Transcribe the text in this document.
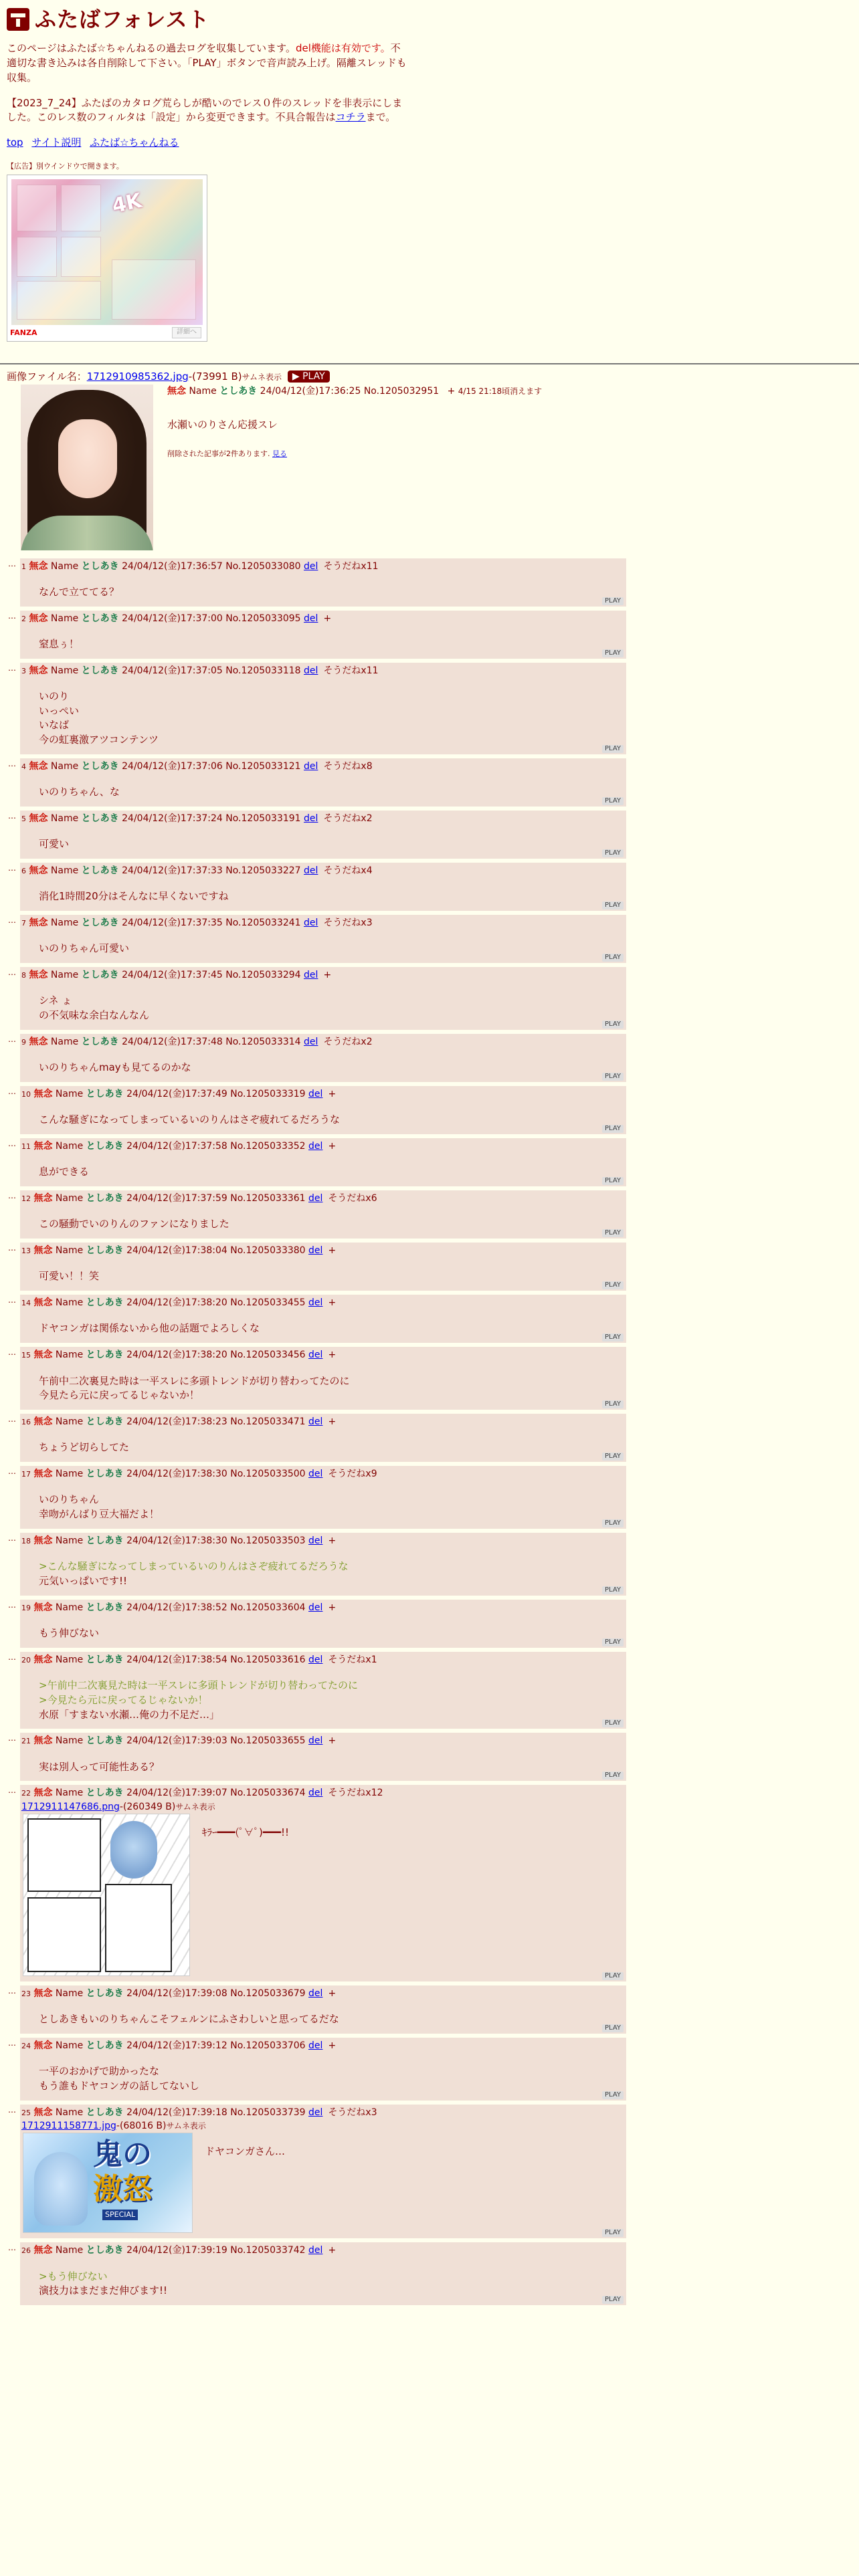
ふたばフォレスト

このページはふたば☆ちゃんねるの過去ログを収集しています。del機能は有効です。不適切な書き込みは各自削除して下さい。「PLAY」ボタンで音声読み上げ。隔離スレッドも収集。

【2023_7_24】ふたばのカタログ荒らしが酷いのでレス０件のスレッドを非表示にしました。このレス数のフィルタは「設定」から変更できます。不具合報告はコチラまで。

top サイト説明 ふたば☆ちゃんねる
【広告】別ウインドウで開きます。
4K
FANZA	詳細へ
画像ファイル名：1712910985362.jpg-(73991 B)サムネ表示 ▶ PLAY
無念 Name としあき 24/04/12(金)17:36:25 No.1205032951 + 4/15 21:18頃消えます
水瀬いのりさん応援スレ
削除された記事が2件あります. 見る
… 1 無念 Name としあき 24/04/12(金)17:36:57 No.1205033080 del そうだねx11
なんで立ててる？
PLAY
… 2 無念 Name としあき 24/04/12(金)17:37:00 No.1205033095 del +
窒息ぅ！
PLAY
… 3 無念 Name としあき 24/04/12(金)17:37:05 No.1205033118 del そうだねx11
いのり
いっぺい
いなば
今の虹裏激アツコンテンツ
PLAY
… 4 無念 Name としあき 24/04/12(金)17:37:06 No.1205033121 del そうだねx8
いのりちゃん、な
PLAY
… 5 無念 Name としあき 24/04/12(金)17:37:24 No.1205033191 del そうだねx2
可愛い
PLAY
… 6 無念 Name としあき 24/04/12(金)17:37:33 No.1205033227 del そうだねx4
消化1時間20分はそんなに早くないですね
PLAY
… 7 無念 Name としあき 24/04/12(金)17:37:35 No.1205033241 del そうだねx3
いのりちゃん可愛い
PLAY
… 8 無念 Name としあき 24/04/12(金)17:37:45 No.1205033294 del +
シネ ょ
の不気味な余白なんなん
PLAY
… 9 無念 Name としあき 24/04/12(金)17:37:48 No.1205033314 del そうだねx2
いのりちゃんmayも見てるのかな
PLAY
… 10 無念 Name としあき 24/04/12(金)17:37:49 No.1205033319 del +
こんな騒ぎになってしまっているいのりんはさぞ疲れてるだろうな
PLAY
… 11 無念 Name としあき 24/04/12(金)17:37:58 No.1205033352 del +
息ができる
PLAY
… 12 無念 Name としあき 24/04/12(金)17:37:59 No.1205033361 del そうだねx6
この騒動でいのりんのファンになりました
PLAY
… 13 無念 Name としあき 24/04/12(金)17:38:04 No.1205033380 del +
可愛い！！笑
PLAY
… 14 無念 Name としあき 24/04/12(金)17:38:20 No.1205033455 del +
ドヤコンガは関係ないから他の話題でよろしくな
PLAY
… 15 無念 Name としあき 24/04/12(金)17:38:20 No.1205033456 del +
午前中二次裏見た時は一平スレに多頭トレンドが切り替わってたのに
今見たら元に戻ってるじゃないか！
PLAY
… 16 無念 Name としあき 24/04/12(金)17:38:23 No.1205033471 del +
ちょうど切らしてた
PLAY
… 17 無念 Name としあき 24/04/12(金)17:38:30 No.1205033500 del そうだねx9
いのりちゃん
幸吻がんばり豆大福だよ！
PLAY
… 18 無念 Name としあき 24/04/12(金)17:38:30 No.1205033503 del +
>こんな騒ぎになってしまっているいのりんはさぞ疲れてるだろうな
元気いっぱいです!!
PLAY
… 19 無念 Name としあき 24/04/12(金)17:38:52 No.1205033604 del +
もう伸びない
PLAY
… 20 無念 Name としあき 24/04/12(金)17:38:54 No.1205033616 del そうだねx1
>午前中二次裏見た時は一平スレに多頭トレンドが切り替わってたのに
>今見たら元に戻ってるじゃないか！
水原「すまない水瀬…俺の力不足だ…」
PLAY
… 21 無念 Name としあき 24/04/12(金)17:39:03 No.1205033655 del +
実は別人って可能性ある？
PLAY
… 22 無念 Name としあき 24/04/12(金)17:39:07 No.1205033674 del そうだねx12
1712911147686.png-(260349 B)サムネ表示
ｷﾗｰ━━━(ﾟ∀ﾟ)━━━!!
PLAY
… 23 無念 Name としあき 24/04/12(金)17:39:08 No.1205033679 del +
としあきもいのりちゃんこそフェルンにふさわしいと思ってるだな
PLAY
… 24 無念 Name としあき 24/04/12(金)17:39:12 No.1205033706 del +
一平のおかげで助かったな
もう誰もドヤコンガの話してないし
PLAY
… 25 無念 Name としあき 24/04/12(金)17:39:18 No.1205033739 del そうだねx3
1712911158771.jpg-(68016 B)サムネ表示
鬼の
激怒
SPECIAL
ドヤコンガさん…
PLAY
… 26 無念 Name としあき 24/04/12(金)17:39:19 No.1205033742 del +
>もう伸びない
演技力はまだまだ伸びます!!
PLAY
